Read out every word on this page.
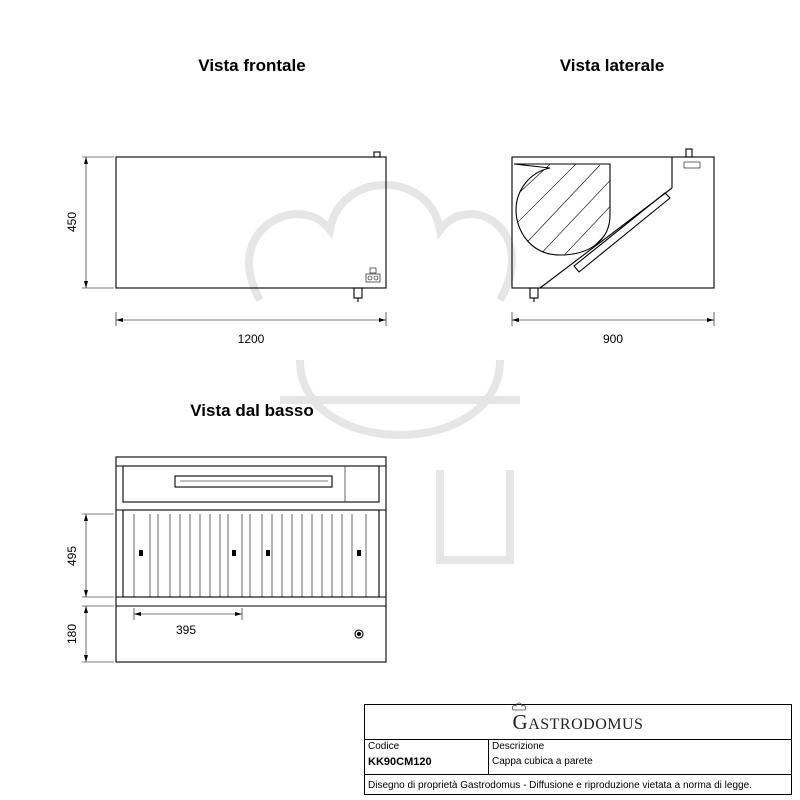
Vista frontale	Vista laterale
Vista dal basso
450
1200	900
395
495
180
GASTRODOMUS
Codice
KK90CM120
Descrizione
Cappa cubica a parete
Disegno di proprietà Gastrodomus - Diffusione e riproduzione vietata a norma di legge.
